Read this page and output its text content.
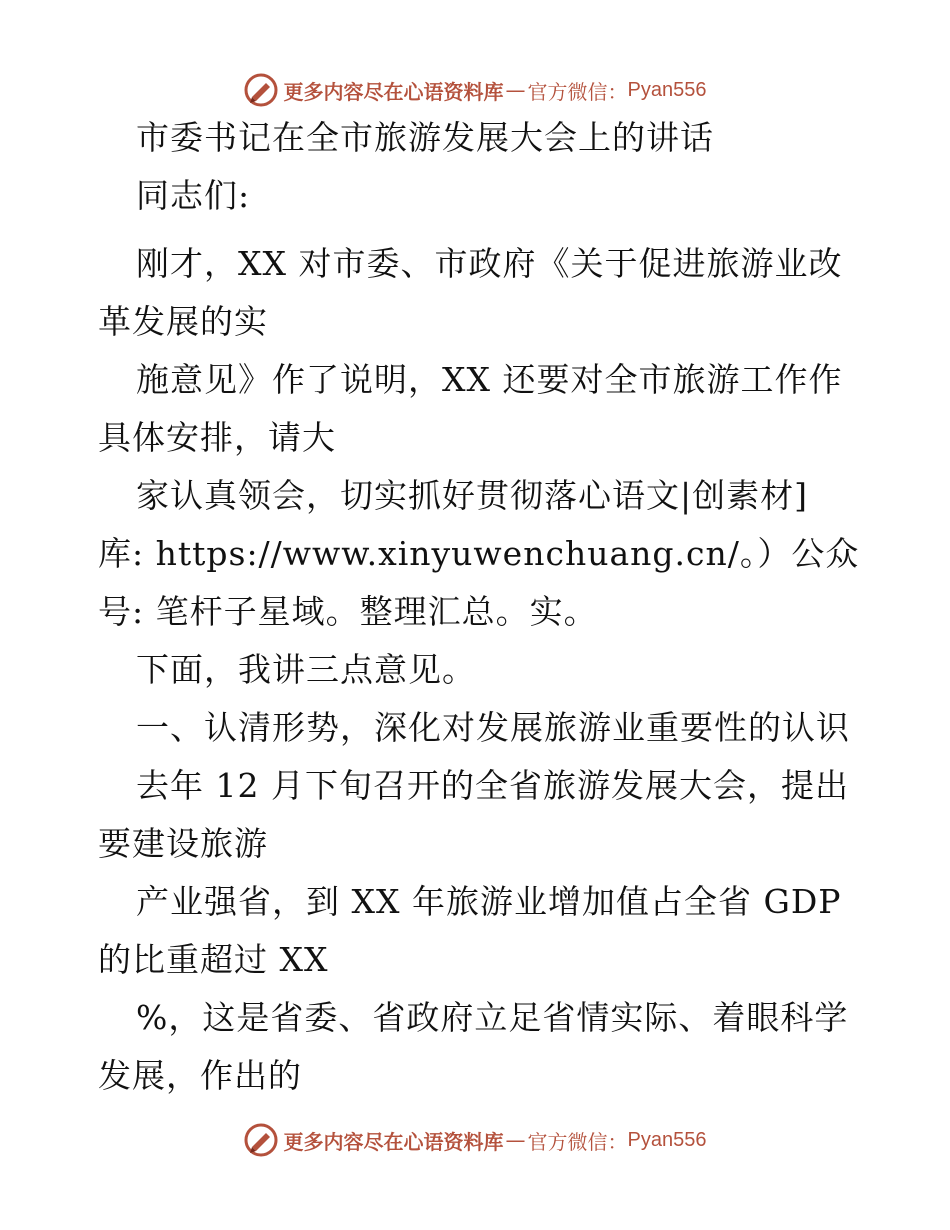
更多内容尽在心语资料库 — 官方微信： Pyan556
市委书记在全市旅游发展大会上的讲话
同志们:
刚才，XX 对市委、市政府《关于促进旅游业改
革发展的实
施意见》作了说明，XX 还要对全市旅游工作作
具体安排，请大
家认真领会，切实抓好贯彻落心语文|创素材]
库: https://www.xinyuwenchuang.cn/。）公众
号: 笔杆子星域。整理汇总。实。
下面，我讲三点意见。
一、认清形势，深化对发展旅游业重要性的认识
去年 12 月下旬召开的全省旅游发展大会，提出
要建设旅游
产业强省，到 XX 年旅游业增加值占全省 GDP
的比重超过 XX
%，这是省委、省政府立足省情实际、着眼科学
发展，作出的
更多内容尽在心语资料库 — 官方微信： Pyan556
